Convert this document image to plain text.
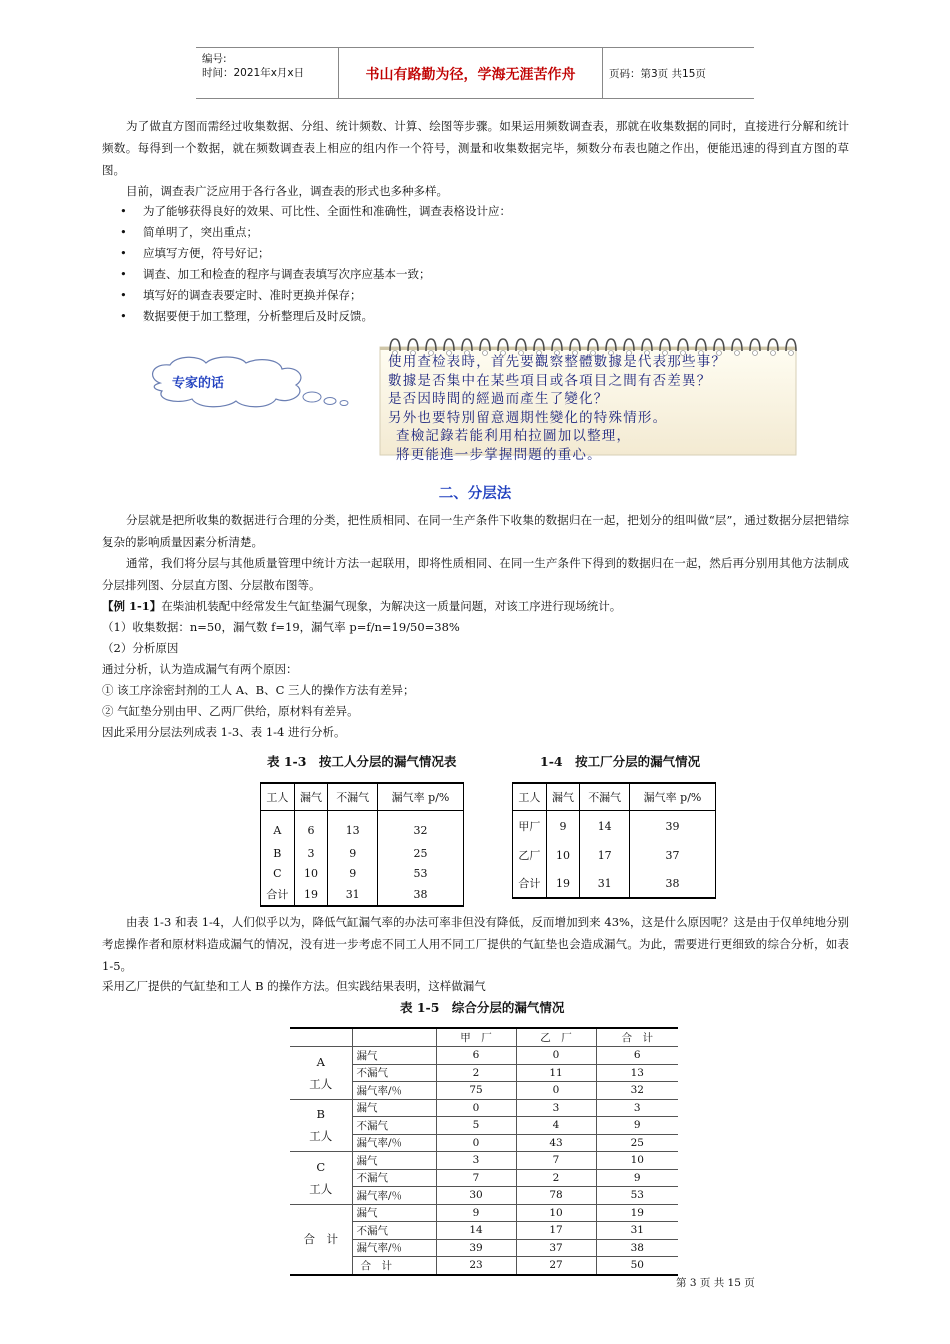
编号:
时间：2021年x月x日	书山有路勤为径，学海无涯苦作舟	页码：第3页 共15页

为了做直方图而需经过收集数据、分组、统计频数、计算、绘图等步骤。如果运用频数调查表，那就在收集数据的同时，直接进行分解和统计频数。每得到一个数据，就在频数调查表上相应的组内作一个符号，测量和收集数据完毕，频数分布表也随之作出，便能迅速的得到直方图的草图。

目前，调查表广泛应用于各行各业，调查表的形式也多种多样。

• 为了能够获得良好的效果、可比性、全面性和准确性，调查表格设计应：
• 简单明了，突出重点；
• 应填写方便，符号好记；
• 调查、加工和检查的程序与调查表填写次序应基本一致；
• 填写好的调查表要定时、准时更换并保存；
• 数据要便于加工整理，分析整理后及时反馈。
专家的话
使用查检表時，首先要觀察整體數據是代表那些事？
數據是否集中在某些項目或各項目之間有否差異？
是否因時間的經過而產生了變化？
另外也要特別留意週期性變化的特殊情形。
查檢記錄若能利用柏拉圖加以整理，
將更能進一步掌握問題的重心。
二、分层法

分层就是把所收集的数据进行合理的分类，把性质相同、在同一生产条件下收集的数据归在一起，把划分的组叫做“层”，通过数据分层把错综复杂的影响质量因素分析清楚。

通常，我们将分层与其他质量管理中统计方法一起联用，即将性质相同、在同一生产条件下得到的数据归在一起，然后再分别用其他方法制成分层排列图、分层直方图、分层散布图等。

【例 1-1】在柴油机装配中经常发生气缸垫漏气现象，为解决这一质量问题，对该工序进行现场统计。
（1）收集数据：n=50，漏气数 f=19，漏气率 p=f/n=19/50=38%
（2）分析原因
通过分析，认为造成漏气有两个原因：
① 该工序涂密封剂的工人 A、B、C 三人的操作方法有差异；
② 气缸垫分别由甲、乙两厂供给，原材料有差异。
因此采用分层法列成表 1-3、表 1-4 进行分析。
表 1-3　按工人分层的漏气情况表
工人	漏气	不漏气	漏气率 p/%
A	6	13	32
B	3	9	25
C	10	9	53
合计	19	31	38
1-4　按工厂分层的漏气情况
工人	漏气	不漏气	漏气率 p/%
甲厂	9	14	39
乙厂	10	17	37
合计	19	31	38

由表 1-3 和表 1-4，人们似乎以为，降低气缸漏气率的办法可率非但没有降低，反而增加到来 43%，这是什么原因呢？这是由于仅单纯地分别考虑操作者和原材料造成漏气的情况，没有进一步考虑不同工人用不同工厂提供的气缸垫也会造成漏气。为此，需要进行更细致的综合分析，如表 1-5。

采用乙厂提供的气缸垫和工人 B 的操作方法。但实践结果表明，这样做漏气
表 1-5　综合分层的漏气情况
		甲　厂	乙　厂	合　计

A
工人	漏气	6	0	6
	不漏气	2	11	13
	漏气率/％	75	0	32

B
工人	漏气	0	3	3
	不漏气	5	4	9
	漏气率/％	0	43	25

C
工人	漏气	3	7	10
	不漏气	7	2	9
	漏气率/％	30	78	53

合　计	漏气	9	10	19
	不漏气	14	17	31
	漏气率/％	39	37	38
	合　计	23	27	50
第 3 页 共 15 页
